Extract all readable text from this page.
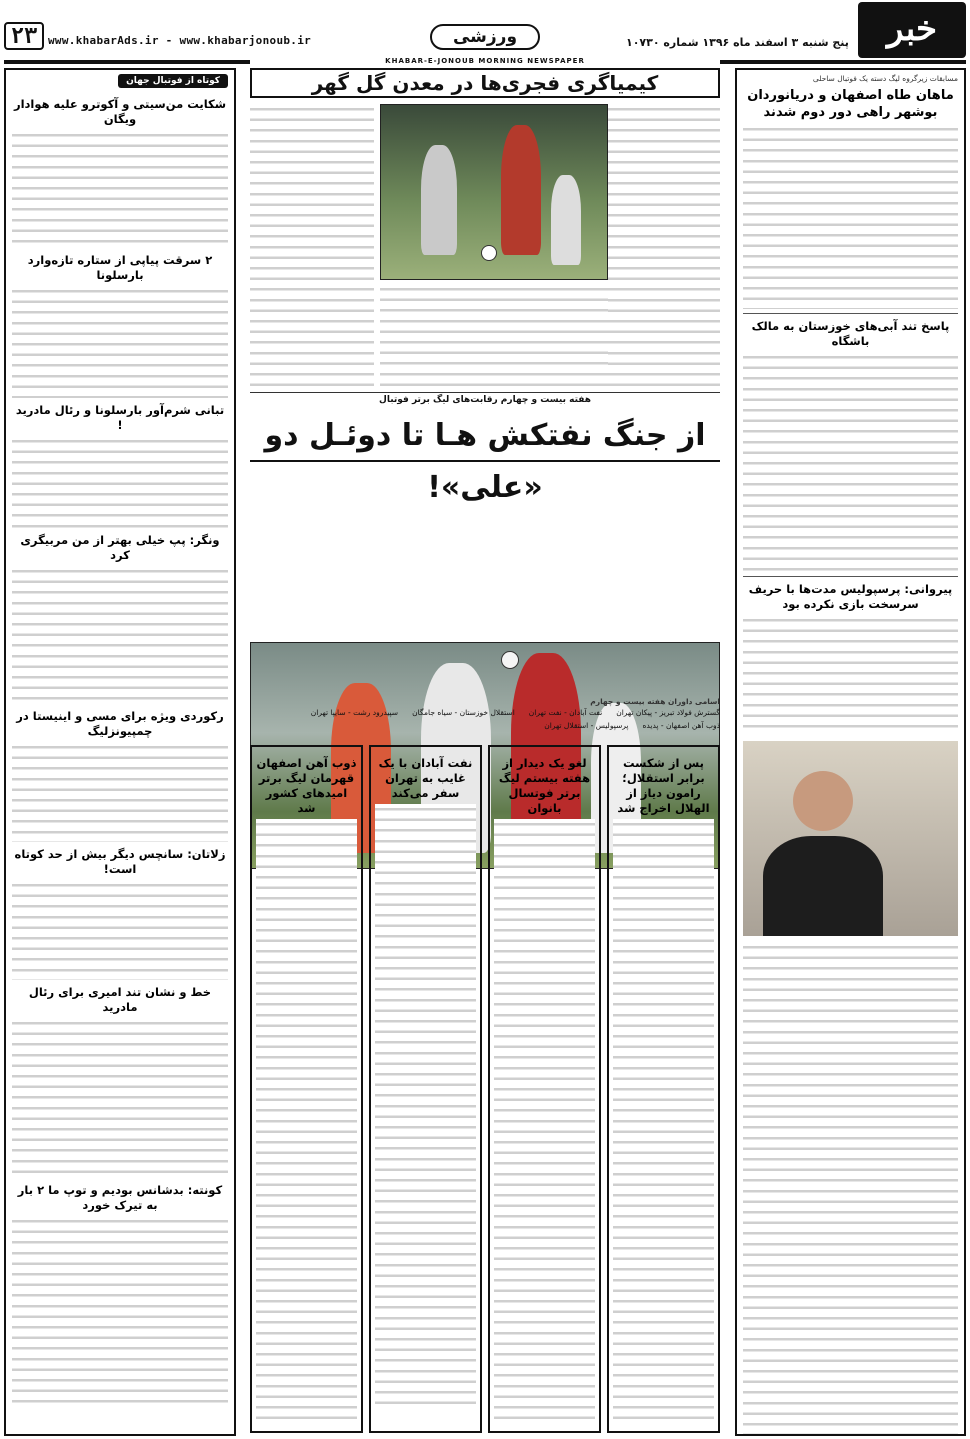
۲۳ www.khabarAds.ir - www.khabarjonoub.ir	ورزشی	پنج شنبه ۳ اسفند ماه ۱۳۹۶ شماره ۱۰۷۳۰	خبر
KHABAR-E-JONOUB MORNING NEWSPAPER
کوتاه از فوتبال جهان
شکایت من‌سیتی و آکوترو علیه هوادار ویگان
۲ سرقت پیاپی از ستاره تازه‌وارد بارسلونا
تبانی شرم‌آور بارسلونا و رئال مادرید !
ونگر: پپ خیلی بهتر از من مربیگری کرد
رکوردی ویژه برای مسی و اینیستا در چمپیونزلیگ
زلاتان: سانچس دیگر بیش از حد کوتاه است!
خط و نشان تند امیری برای رئال مادرید
کونته: بدشانس بودیم و توپ ما ۲ بار به تیرک خورد
کیمیاگری فجری‌ها در معدن گل گهر
هفته بیست و چهارم رقابت‌های لیگ برتر فوتبال
از جنگ نفتکش هـا تا دوئـل دو «علی»!
اسامی داوران هفته بیست و چهارم
گسترش فولاد تبریز - پیکان تهران
نفت آبادان - نفت تهران
استقلال خوزستان - سیاه جامگان
سپیدرود رشت - سایپا تهران
ذوب آهن اصفهان - پدیده
پرسپولیس - استقلال تهران
ذوب آهن اصفهان قهرمان لیگ برتر امیدهای کشور شد
نفت آبادان با یک غایب به تهران سفر می‌کند
لغو یک دیدار از هفته بیستم لیگ برتر فوتسال بانوان
پس از شکست برابر استقلال؛ رامون دیاز از الهلال اخراج شد
مسابقات زیرگروه لیگ دسته یک فوتبال ساحلی
ماهان طاه اصفهان و دریانوردان بوشهر راهی دور دوم شدند
پاسخ تند آبی‌های خوزستان به مالک باشگاه
پیروانی: پرسپولیس مدت‌ها با حریف سرسخت بازی نکرده بود
